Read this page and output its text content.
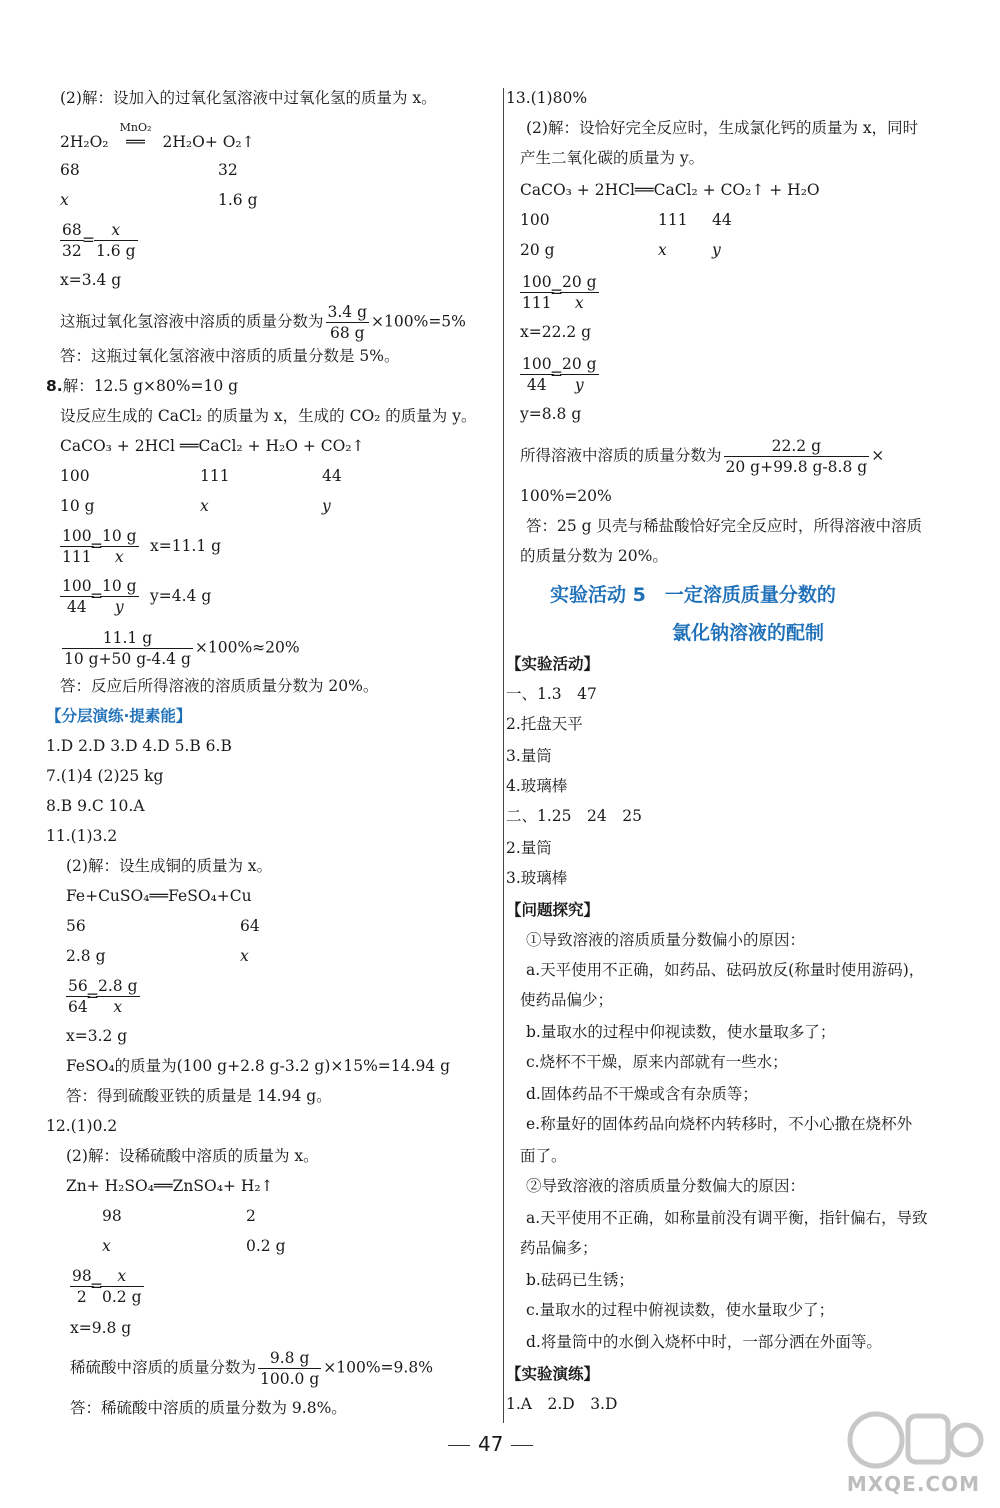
(2)解：设加入的过氧化氢溶液中过氧化氢的质量为 x。
2H₂O₂
MnO₂
══ 2H₂O+ O₂↑
68	32
x	1.6 g
$\frac{68}{32}$
= $\frac{x}{1.6 g}$
x=3.4 g
这瓶过氧化氢溶液中溶质的质量分数为 $\frac{3.4 g}{68 g} \times 100\%=5\%$
答：这瓶过氧化氢溶液中溶质的质量分数是 5%。
8.解：12.5 g×80%=10 g
设反应生成的 CaCl₂ 的质量为 x，生成的 CO₂ 的质量为 y。
CaCO₃ + 2HCl ══CaCl₂ + H₂O + CO₂↑
100	111	44
10 g	x	y
$\frac{100}{111}$
=
$\frac{10 g}{x} x=11.1$ g
$\frac{100}{44}$
=
$\frac{10 g}{y} y=4.4$ g
$\frac{11.1 g}{10 g+50 g-4.4 g} \times 100\%\approx 20\%$
答：反应后所得溶液的溶质质量分数为 20%。
【分层演练·提素能】
1.D 2.D 3.D 4.D 5.B 6.B
7.(1)4 (2)25 kg
8.B 9.C 10.A
11.(1)3.2
(2)解：设生成铜的质量为 x。
Fe+CuSO₄══FeSO₄+Cu
56	64
2.8 g	x
$\frac{56}{64}$
=
$\frac{2.8 g}{x}$
x=3.2 g
FeSO₄的质量为(100 g+2.8 g-3.2 g)×15%=14.94 g
答：得到硫酸亚铁的质量是 14.94 g。
12.(1)0.2
(2)解：设稀硫酸中溶质的质量为 x。
Zn+ H₂SO₄══ZnSO₄+ H₂↑
98	2
x	0.2 g
$\frac{98}{2}$
=
$\frac{x}{0.2 g}$
x=9.8 g
稀硫酸中溶质的质量分数为 $\frac{9.8 g}{100.0 g} \times 100\%=9.8\%$
答：稀硫酸中溶质的质量分数为 9.8%。
13.(1)80%
(2)解：设恰好完全反应时，生成氯化钙的质量为 x，同时
产生二氧化碳的质量为 y。
CaCO₃ + 2HCl══CaCl₂ + CO₂↑ + H₂O
100	111 44
20 g	x	y
$\frac{100}{111}$
=
$\frac{20 g}{x}$
x=22.2 g
$\frac{100}{44}$
=
$\frac{20 g}{y}$
y=8.8 g
所得溶液中溶质的质量分数为 $\frac{22.2 g}{20 g+99.8 g-8.8 g}$ ×
100%=20%
答：25 g 贝壳与稀盐酸恰好完全反应时，所得溶液中溶质
的质量分数为 20%。
实验活动 5　一定溶质质量分数的
氯化钠溶液的配制
【实验活动】
一、1.3　47
2.托盘天平
3.量筒
4.玻璃棒
二、1.25　24　25
2.量筒
3.玻璃棒
【问题探究】
①导致溶液的溶质质量分数偏小的原因：
a.天平使用不正确，如药品、砝码放反(称量时使用游码)，
使药品偏少；
b.量取水的过程中仰视读数，使水量取多了；
c.烧杯不干燥，原来内部就有一些水；
d.固体药品不干燥或含有杂质等；
e.称量好的固体药品向烧杯内转移时，不小心撒在烧杯外
面了。
②导致溶液的溶质质量分数偏大的原因：
a.天平使用不正确，如称量前没有调平衡，指针偏右，导致
药品偏多；
b.砝码已生锈；
c.量取水的过程中俯视读数，使水量取少了；
d.将量筒中的水倒入烧杯中时，一部分洒在外面等。
【实验演练】
1.A　2.D　3.D
47
MXQE.COM
